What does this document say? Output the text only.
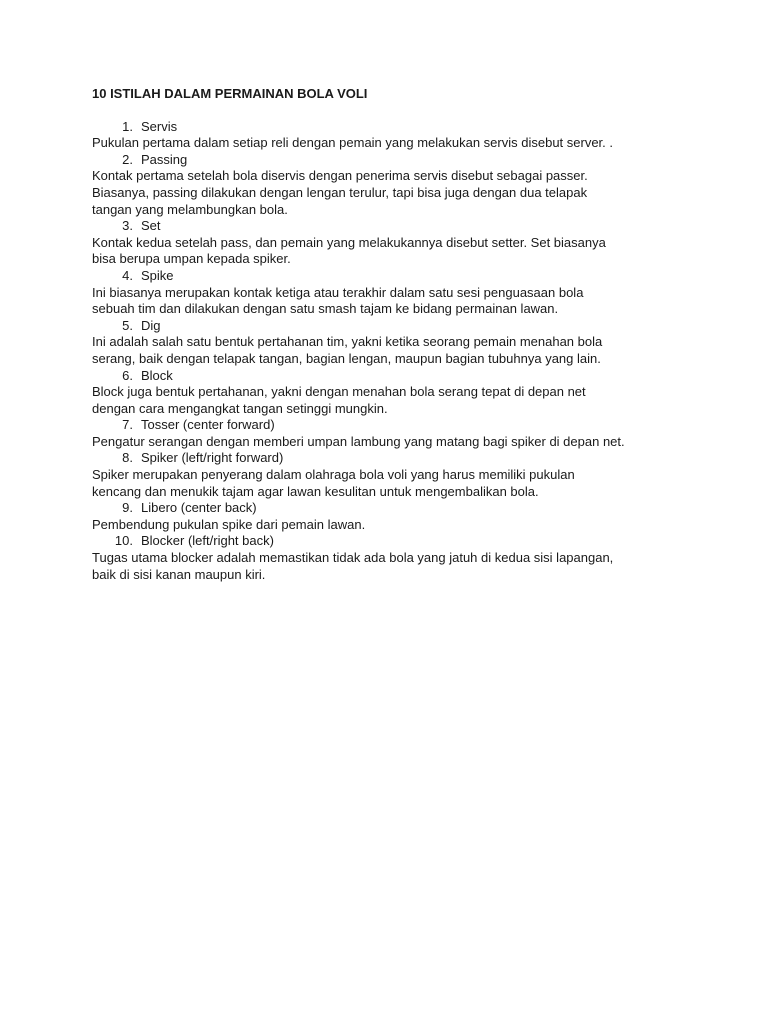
10 ISTILAH DALAM PERMAINAN BOLA VOLI
1. Servis
Pukulan pertama dalam setiap reli dengan pemain yang melakukan servis disebut server. .
2. Passing
Kontak pertama setelah bola diservis dengan penerima servis disebut sebagai passer.
Biasanya, passing dilakukan dengan lengan terulur, tapi bisa juga dengan dua telapak
tangan yang melambungkan bola.
3. Set
Kontak kedua setelah pass, dan pemain yang melakukannya disebut setter. Set biasanya
bisa berupa umpan kepada spiker.
4. Spike
Ini biasanya merupakan kontak ketiga atau terakhir dalam satu sesi penguasaan bola
sebuah tim dan dilakukan dengan satu smash tajam ke bidang permainan lawan.
5. Dig
Ini adalah salah satu bentuk pertahanan tim, yakni ketika seorang pemain menahan bola
serang, baik dengan telapak tangan, bagian lengan, maupun bagian tubuhnya yang lain.
6. Block
Block juga bentuk pertahanan, yakni dengan menahan bola serang tepat di depan net
dengan cara mengangkat tangan setinggi mungkin.
7. Tosser (center forward)
Pengatur serangan dengan memberi umpan lambung yang matang bagi spiker di depan net.
8. Spiker (left/right forward)
Spiker merupakan penyerang dalam olahraga bola voli yang harus memiliki pukulan
kencang dan menukik tajam agar lawan kesulitan untuk mengembalikan bola.
9. Libero (center back)
Pembendung pukulan spike dari pemain lawan.
10. Blocker (left/right back)
Tugas utama blocker adalah memastikan tidak ada bola yang jatuh di kedua sisi lapangan,
baik di sisi kanan maupun kiri.
